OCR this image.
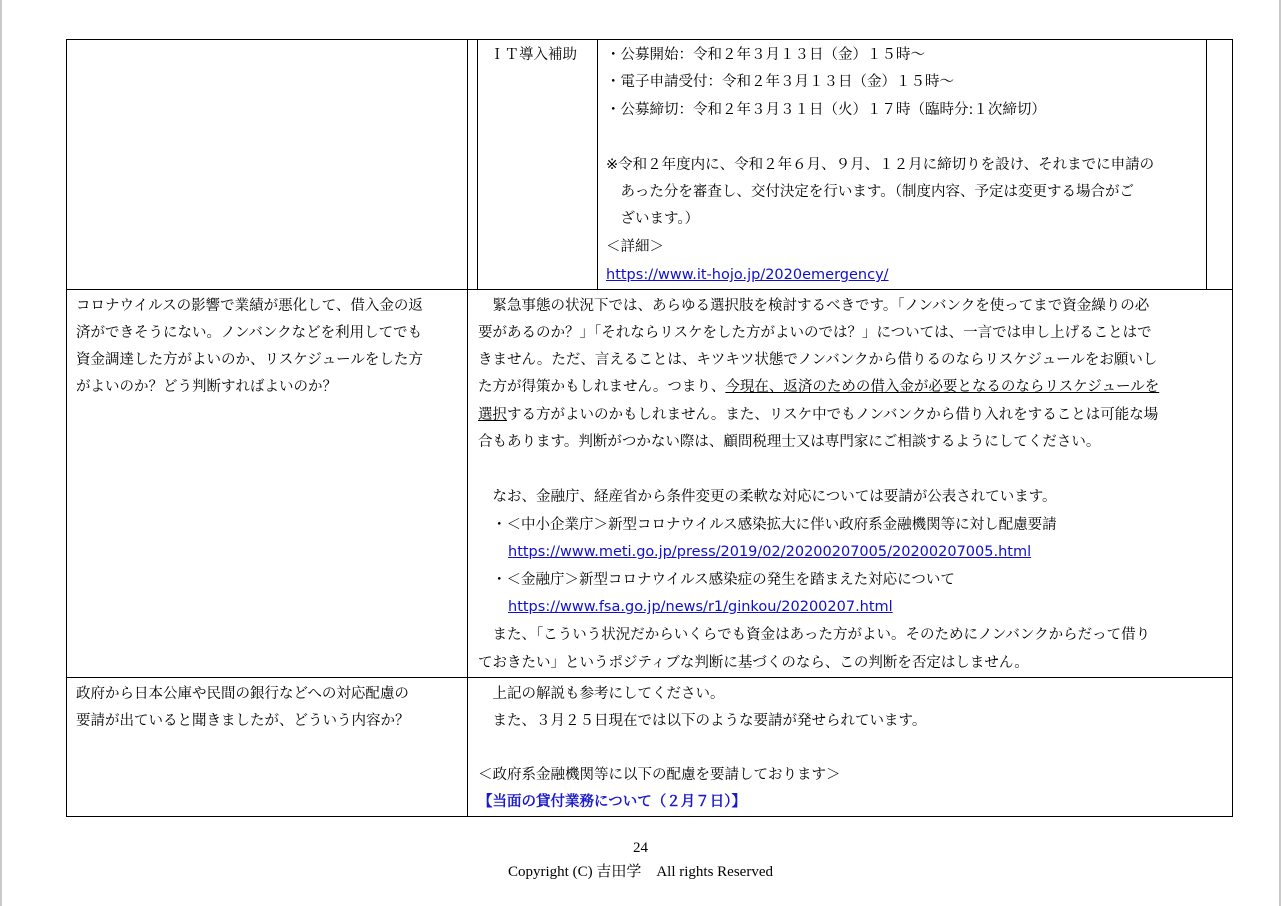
ＩＴ導入補助 ・公募開始：令和２年３月１３日（金）１５時～
・電子申請受付：令和２年３月１３日（金）１５時～
・公募締切：令和２年３月３１日（火）１７時（臨時分:１次締切）
※令和２年度内に、令和２年６月、９月、１２月に締切りを設け、それまでに申請の
　あった分を審査し、交付決定を行います。（制度内容、予定は変更する場合がご
　ざいます。）
＜詳細＞
https://www.it-hojo.jp/2020emergency/
コロナウイルスの影響で業績が悪化して、借入金の返
済ができそうにない。ノンバンクなどを利用してでも
資金調達した方がよいのか、リスケジュールをした方
がよいのか？どう判断すればよいのか？
　緊急事態の状況下では、あらゆる選択肢を検討するべきです。「ノンバンクを使ってまで資金繰りの必
要があるのか？」「それならリスケをした方がよいのでは？」については、一言では申し上げることはで
きません。ただ、言えることは、キツキツ状態でノンバンクから借りるのならリスケジュールをお願いし
た方が得策かもしれません。つまり、今現在、返済のための借入金が必要となるのならリスケジュールを
選択する方がよいのかもしれません。また、リスケ中でもノンバンクから借り入れをすることは可能な場
合もあります。判断がつかない際は、顧問税理士又は専門家にご相談するようにしてください。
　なお、金融庁、経産省から条件変更の柔軟な対応については要請が公表されています。
・＜中小企業庁＞新型コロナウイルス感染拡大に伴い政府系金融機関等に対し配慮要請
https://www.meti.go.jp/press/2019/02/20200207005/20200207005.html
・＜金融庁＞新型コロナウイルス感染症の発生を踏まえた対応について
https://www.fsa.go.jp/news/r1/ginkou/20200207.html
　また、「こういう状況だからいくらでも資金はあった方がよい。そのためにノンバンクからだって借り
ておきたい」というポジティブな判断に基づくのなら、この判断を否定はしません。
政府から日本公庫や民間の銀行などへの対応配慮の
要請が出ていると聞きましたが、どういう内容か？
　上記の解説も参考にしてください。
　また、３月２５日現在では以下のような要請が発せられています。
＜政府系金融機関等に以下の配慮を要請しております＞
【当面の貸付業務について（２月７日）】
24
Copyright (C) 吉田学　All rights Reserved
